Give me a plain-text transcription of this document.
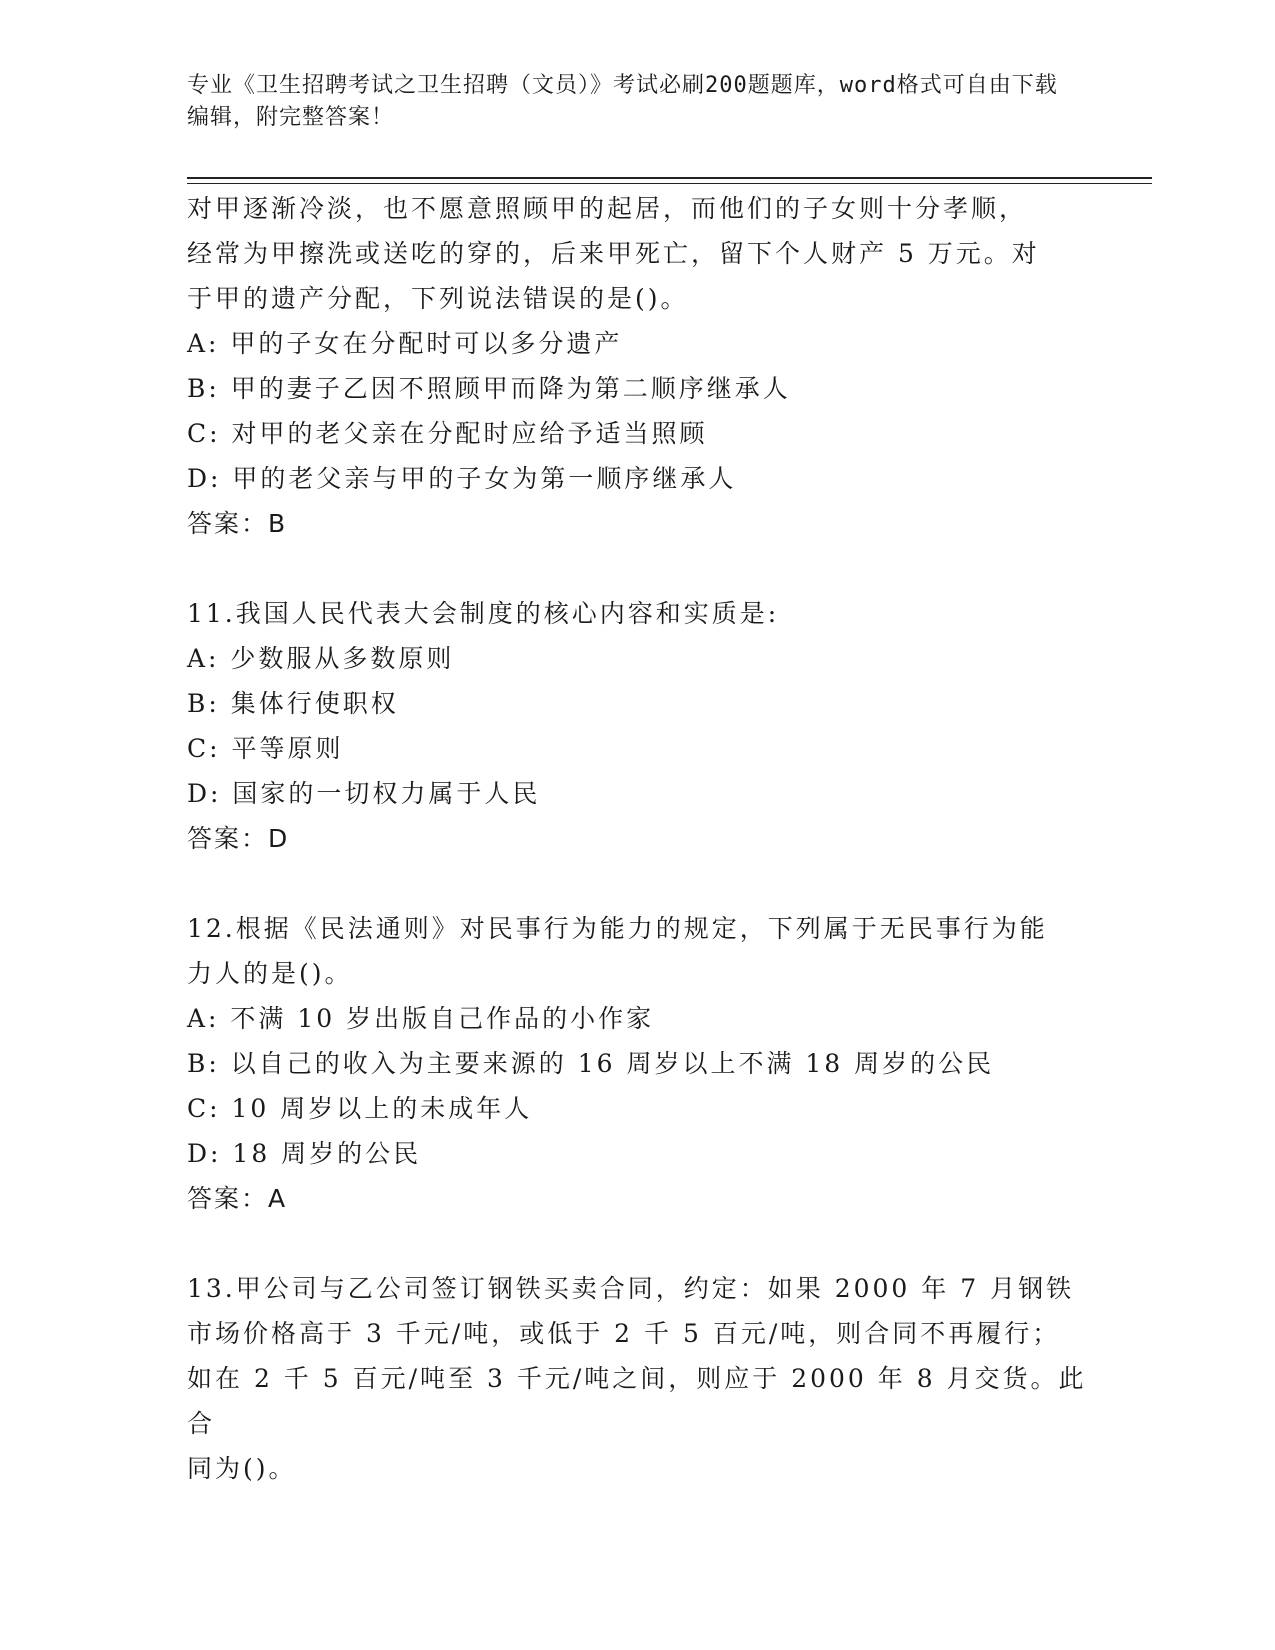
专业《卫生招聘考试之卫生招聘（文员）》考试必刷200题题库，word格式可自由下载编辑，附完整答案！

对甲逐渐冷淡，也不愿意照顾甲的起居，而他们的子女则十分孝顺，

经常为甲擦洗或送吃的穿的，后来甲死亡，留下个人财产 5 万元。对

于甲的遗产分配，下列说法错误的是()。

A: 甲的子女在分配时可以多分遗产

B: 甲的妻子乙因不照顾甲而降为第二顺序继承人

C: 对甲的老父亲在分配时应给予适当照顾

D: 甲的老父亲与甲的子女为第一顺序继承人

答案：B

11.我国人民代表大会制度的核心内容和实质是:

A: 少数服从多数原则

B: 集体行使职权

C: 平等原则

D: 国家的一切权力属于人民

答案：D

12.根据《民法通则》对民事行为能力的规定，下列属于无民事行为能

力人的是()。

A: 不满 10 岁出版自己作品的小作家

B: 以自己的收入为主要来源的 16 周岁以上不满 18 周岁的公民

C: 10 周岁以上的未成年人

D: 18 周岁的公民

答案：A

13.甲公司与乙公司签订钢铁买卖合同，约定：如果 2000 年 7 月钢铁

市场价格高于 3 千元/吨，或低于 2 千 5 百元/吨，则合同不再履行；

如在 2 千 5 百元/吨至 3 千元/吨之间，则应于 2000 年 8 月交货。此合

同为()。
